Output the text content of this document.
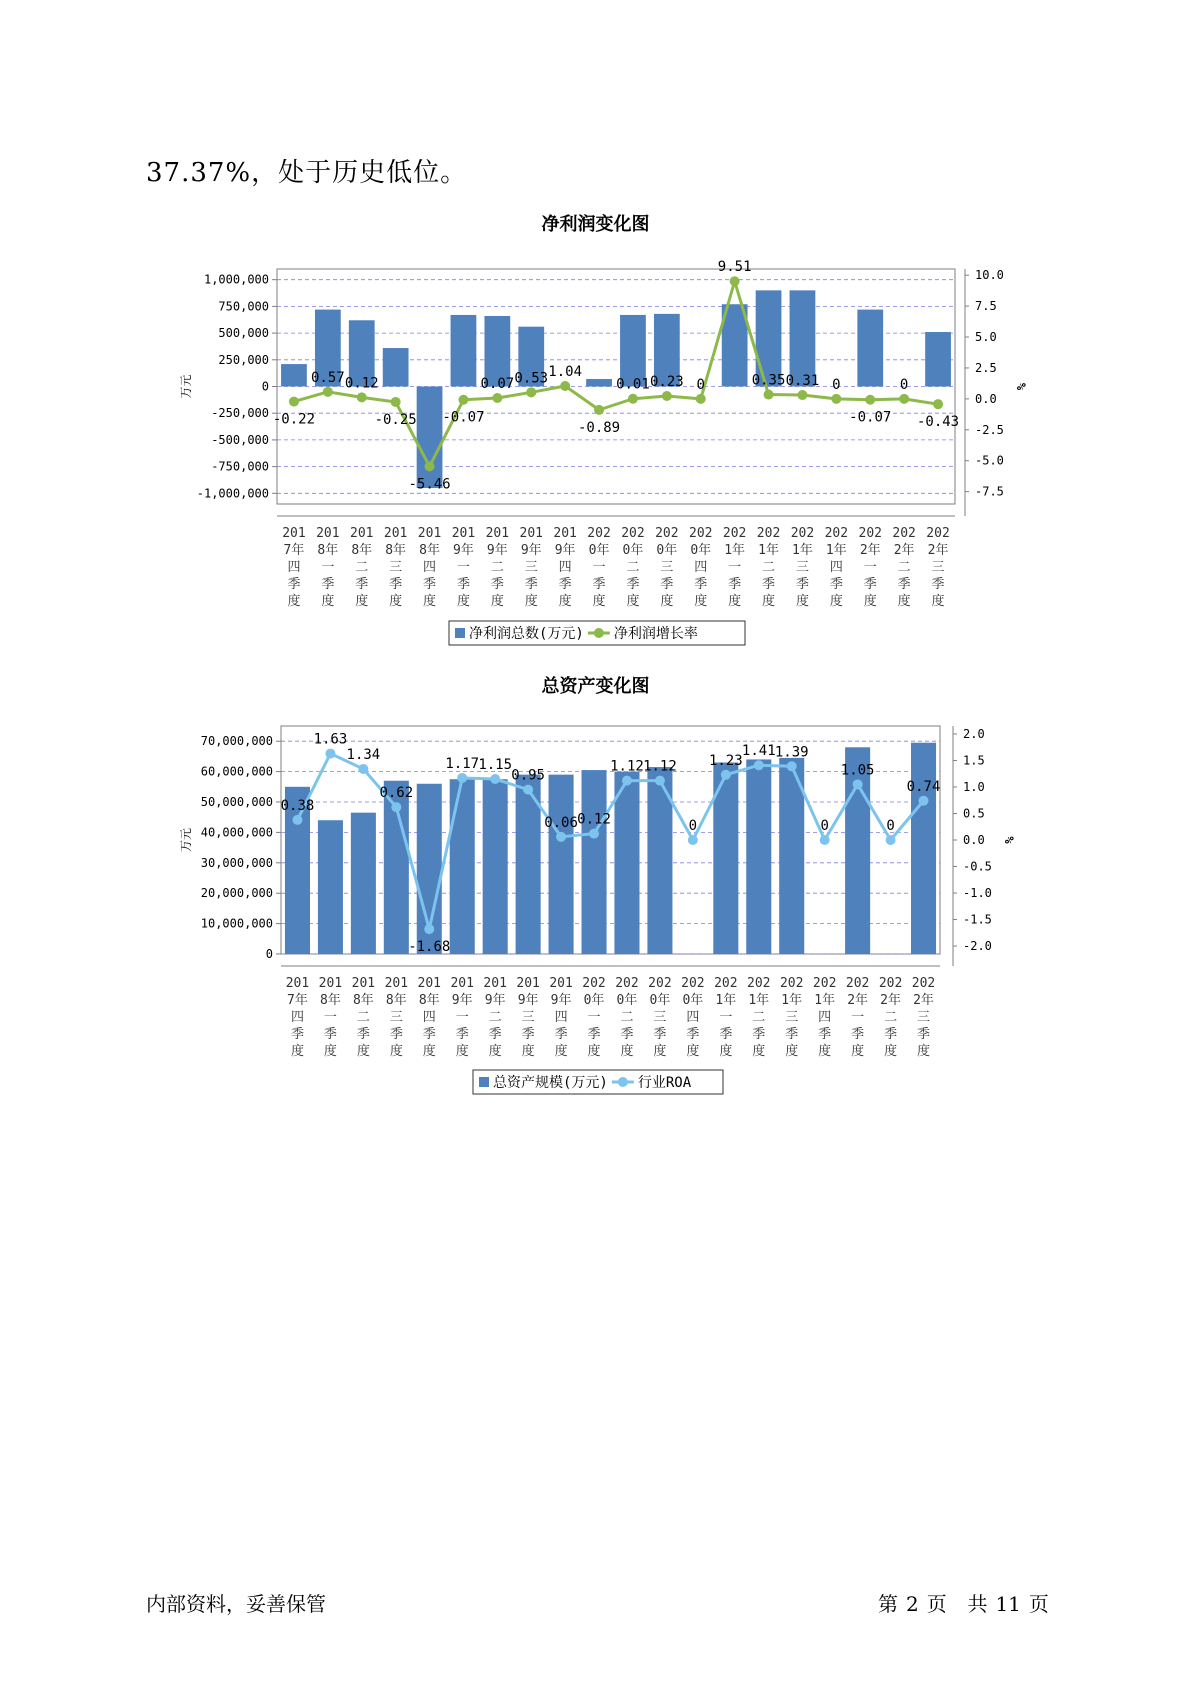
37.37%，处于历史低位。
净利润变化图
1,000,000
750,000
500,000
250,000
0
-250,000
-500,000
-750,000
-1,000,000
万元
10.0
7.5
5.0
2.5
0.0
-2.5
-5.0
-7.5
%
201 7年四季度
201 8年一季度
201 8年二季度
201 8年三季度
201 8年四季度
201 9年一季度
201 9年二季度
201 9年三季度
201 9年四季度
202 0年一季度
202 0年二季度
202 0年三季度
202 0年四季度
202 1年一季度
202 1年二季度
202 1年三季度
202 1年四季度
202 2年一季度
202 2年二季度
202 2年三季度
-0.22
0.57 0.12
-0.25
-5.46
-0.07
0.07 0.53 1.04
-0.89
0.01 0.23 0
9.51
0.35 0.31 0
-0.07
0
-0.43
净利润总数(万元) 净利润增长率
总资产变化图
70,000,000
60,000,000
50,000,000
40,000,000
30,000,000
20,000,000
10,000,000
0
万元
2.0
1.5
1.0
0.5
0.0
-0.5
-1.0
-1.5
-2.0
%
201 7年四季度
201 8年一季度
201 8年二季度
201 8年三季度
201 8年四季度
201 9年一季度
201 9年二季度
201 9年三季度
201 9年四季度
202 0年一季度
202 0年二季度
202 0年三季度
202 0年四季度
202 1年一季度
202 1年二季度
202 1年三季度
202 1年四季度
202 2年一季度
202 2年二季度
202 2年三季度
0.38
1.63
1.34
0.62
-1.68
1.17 1.15
0.95
0.06 0.12
1.12 1.12
0
1.23
1.41 1.39
0
1.05
0
0.74
总资产规模(万元) 行业ROA
内部资料，妥善保管	第 2 页 共 11 页
